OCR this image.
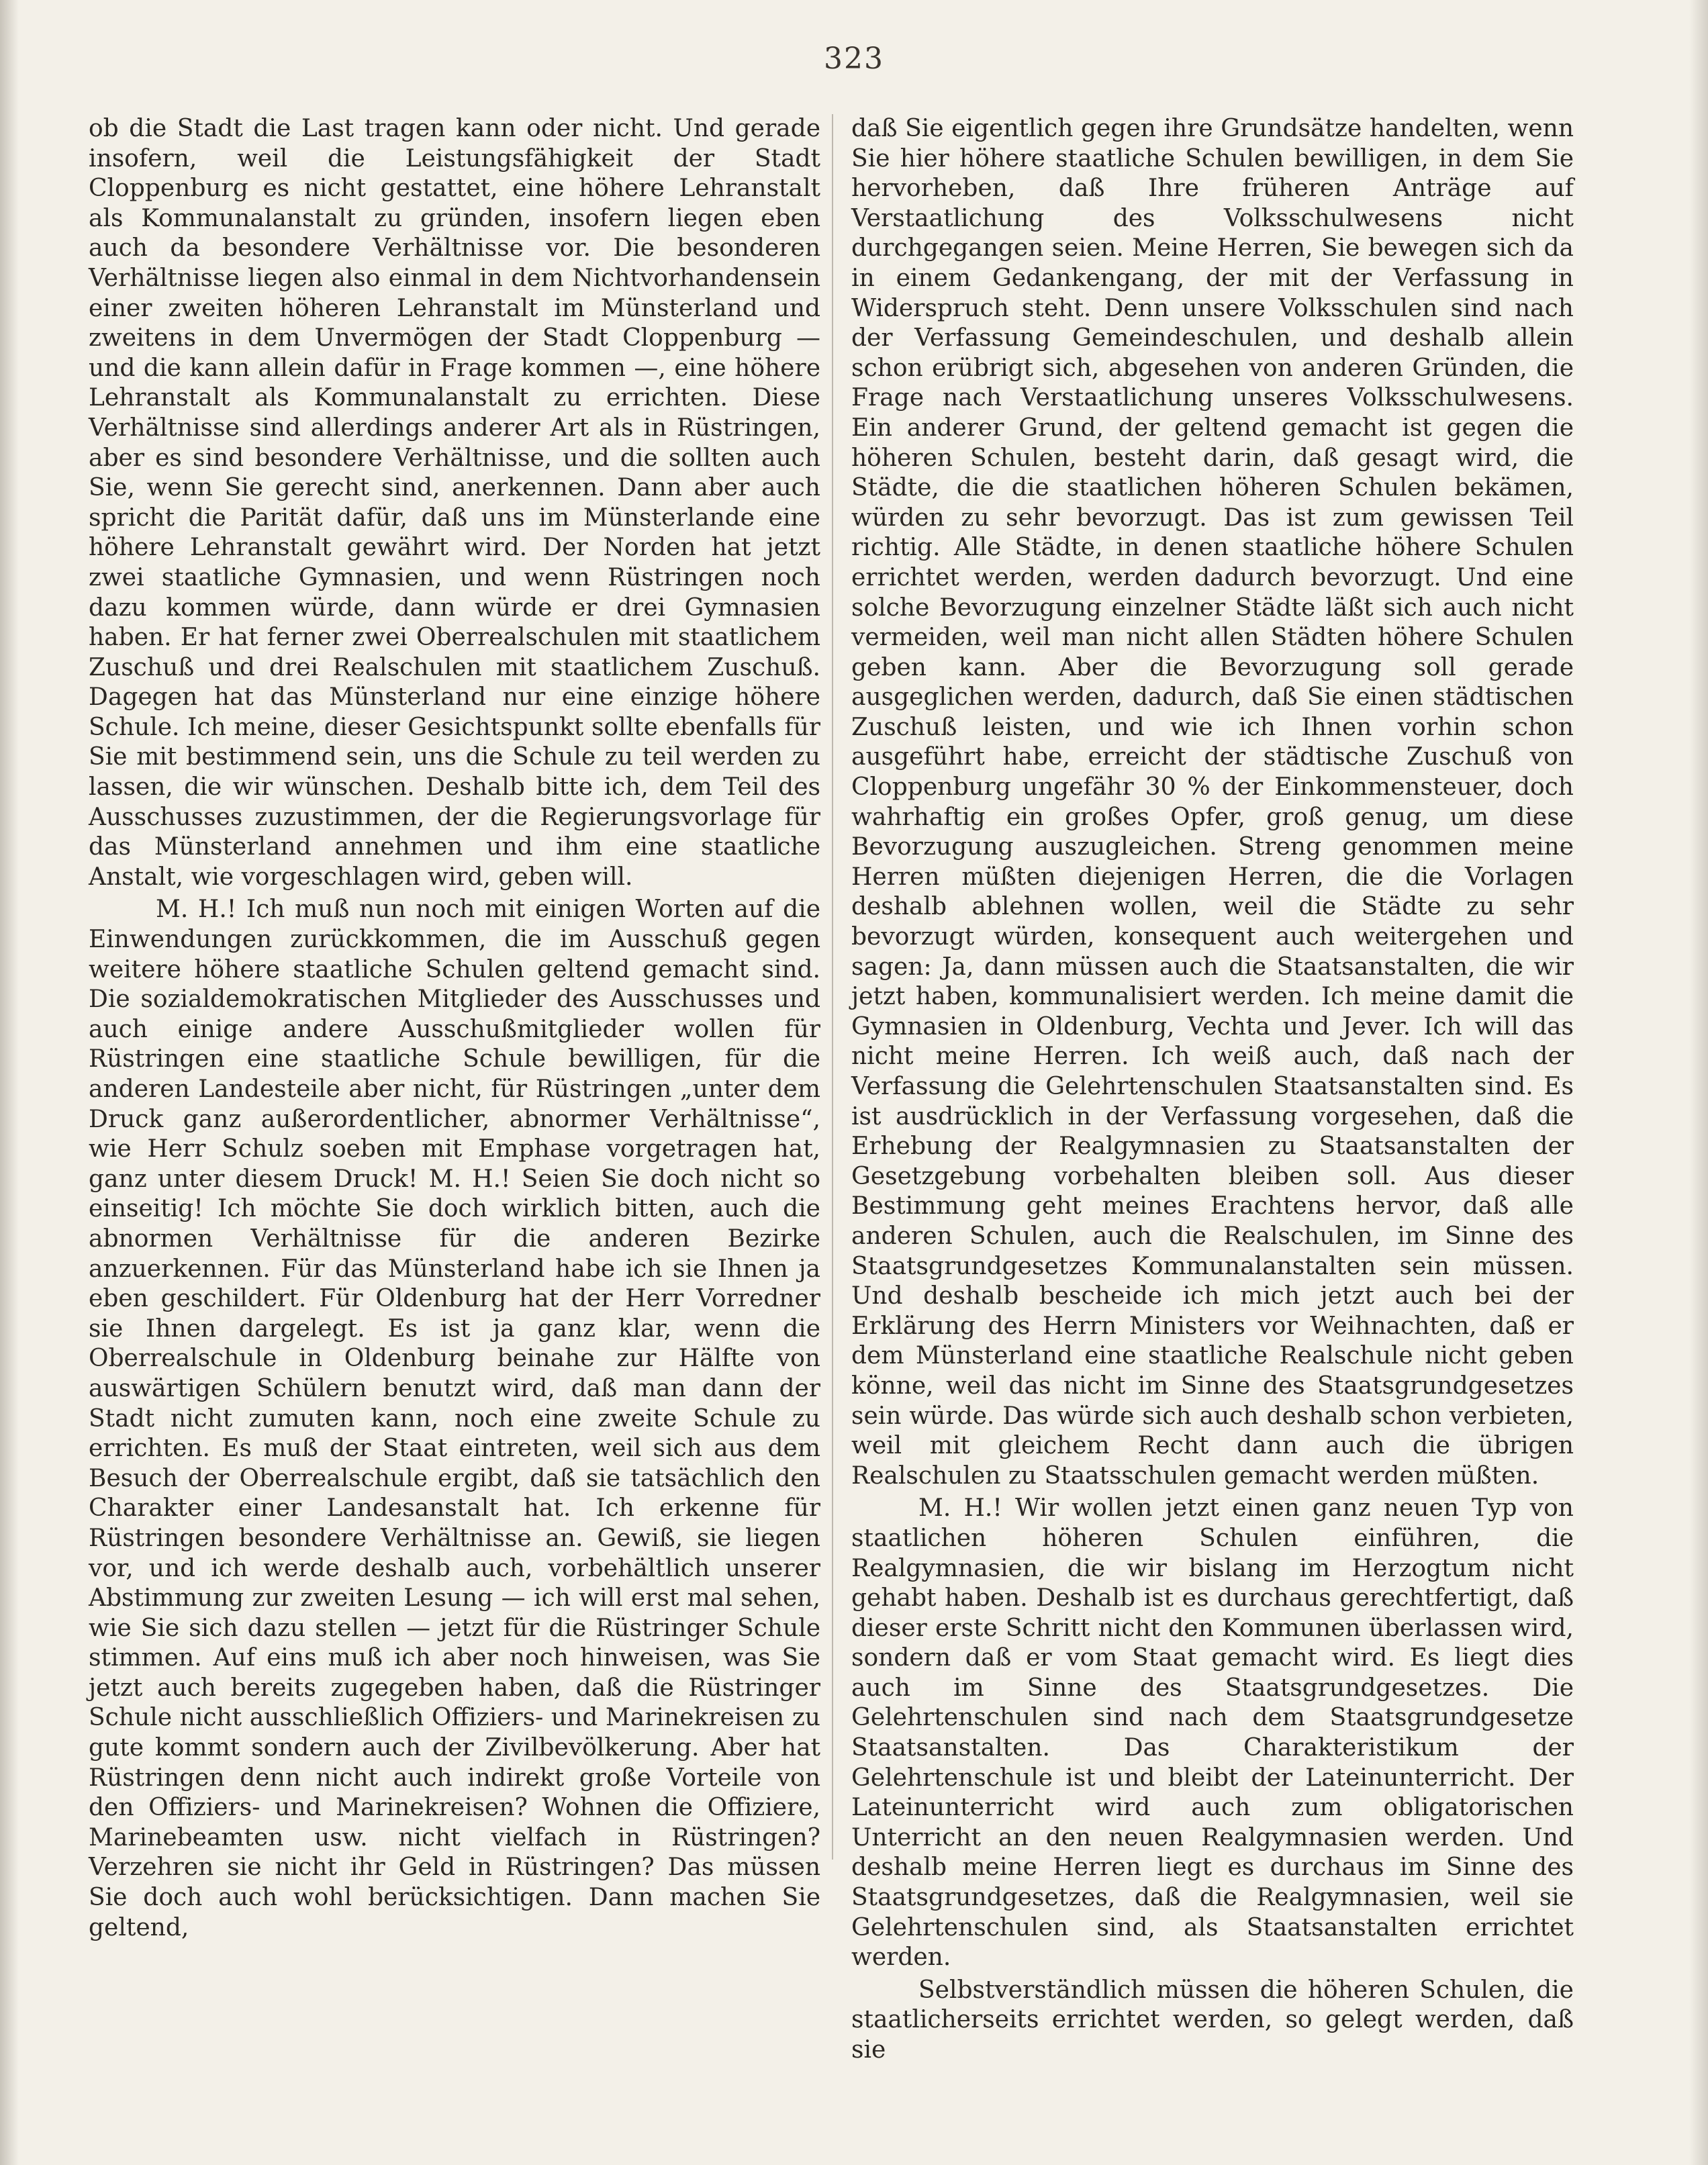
323

ob die Stadt die Last tragen kann oder nicht. Und gerade insofern, weil die Leistungsfähigkeit der Stadt Cloppenburg es nicht gestattet, eine höhere Lehranstalt als Kommunalanstalt zu gründen, insofern liegen eben auch da besondere Verhältnisse vor. Die besonderen Verhältnisse liegen also einmal in dem Nichtvorhandensein einer zweiten höheren Lehranstalt im Münsterland und zweitens in dem Unvermögen der Stadt Cloppenburg — und die kann allein dafür in Frage kommen —, eine höhere Lehranstalt als Kommunalanstalt zu errichten. Diese Verhältnisse sind allerdings anderer Art als in Rüstringen, aber es sind besondere Verhältnisse, und die sollten auch Sie, wenn Sie gerecht sind, anerkennen. Dann aber auch spricht die Parität dafür, daß uns im Münsterlande eine höhere Lehranstalt gewährt wird. Der Norden hat jetzt zwei staatliche Gymnasien, und wenn Rüstringen noch dazu kommen würde, dann würde er drei Gymnasien haben. Er hat ferner zwei Oberrealschulen mit staatlichem Zuschuß und drei Realschulen mit staatlichem Zuschuß. Dagegen hat das Münsterland nur eine einzige höhere Schule. Ich meine, dieser Gesichtspunkt sollte ebenfalls für Sie mit bestimmend sein, uns die Schule zu teil werden zu lassen, die wir wünschen. Deshalb bitte ich, dem Teil des Ausschusses zuzustimmen, der die Regierungsvorlage für das Münsterland annehmen und ihm eine staatliche Anstalt, wie vorgeschlagen wird, geben will.

M. H.! Ich muß nun noch mit einigen Worten auf die Einwendungen zurückkommen, die im Ausschuß gegen weitere höhere staatliche Schulen geltend gemacht sind. Die sozialdemokratischen Mitglieder des Ausschusses und auch einige andere Ausschußmitglieder wollen für Rüstringen eine staatliche Schule bewilligen, für die anderen Landesteile aber nicht, für Rüstringen „unter dem Druck ganz außerordentlicher, abnormer Verhältnisse“, wie Herr Schulz soeben mit Emphase vorgetragen hat, ganz unter diesem Druck! M. H.! Seien Sie doch nicht so einseitig! Ich möchte Sie doch wirklich bitten, auch die abnormen Verhältnisse für die anderen Bezirke anzuerkennen. Für das Münsterland habe ich sie Ihnen ja eben geschildert. Für Oldenburg hat der Herr Vorredner sie Ihnen dargelegt. Es ist ja ganz klar, wenn die Oberrealschule in Oldenburg beinahe zur Hälfte von auswärtigen Schülern benutzt wird, daß man dann der Stadt nicht zumuten kann, noch eine zweite Schule zu errichten. Es muß der Staat eintreten, weil sich aus dem Besuch der Oberrealschule ergibt, daß sie tatsächlich den Charakter einer Landesanstalt hat. Ich erkenne für Rüstringen besondere Verhältnisse an. Gewiß, sie liegen vor, und ich werde deshalb auch, vorbehältlich unserer Abstimmung zur zweiten Lesung — ich will erst mal sehen, wie Sie sich dazu stellen — jetzt für die Rüstringer Schule stimmen. Auf eins muß ich aber noch hinweisen, was Sie jetzt auch bereits zugegeben haben, daß die Rüstringer Schule nicht ausschließlich Offiziers- und Marinekreisen zu gute kommt sondern auch der Zivilbevölkerung. Aber hat Rüstringen denn nicht auch indirekt große Vorteile von den Offiziers- und Marinekreisen? Wohnen die Offiziere, Marinebeamten usw. nicht vielfach in Rüstringen? Verzehren sie nicht ihr Geld in Rüstringen? Das müssen Sie doch auch wohl berücksichtigen. Dann machen Sie geltend,

daß Sie eigentlich gegen ihre Grundsätze handelten, wenn Sie hier höhere staatliche Schulen bewilligen, in dem Sie hervorheben, daß Ihre früheren Anträge auf Verstaatlichung des Volksschulwesens nicht durchgegangen seien. Meine Herren, Sie bewegen sich da in einem Gedankengang, der mit der Verfassung in Widerspruch steht. Denn unsere Volksschulen sind nach der Verfassung Gemeindeschulen, und deshalb allein schon erübrigt sich, abgesehen von anderen Gründen, die Frage nach Verstaatlichung unseres Volksschulwesens. Ein anderer Grund, der geltend gemacht ist gegen die höheren Schulen, besteht darin, daß gesagt wird, die Städte, die die staatlichen höheren Schulen bekämen, würden zu sehr bevorzugt. Das ist zum gewissen Teil richtig. Alle Städte, in denen staatliche höhere Schulen errichtet werden, werden dadurch bevorzugt. Und eine solche Bevorzugung einzelner Städte läßt sich auch nicht vermeiden, weil man nicht allen Städten höhere Schulen geben kann. Aber die Bevorzugung soll gerade ausgeglichen werden, dadurch, daß Sie einen städtischen Zuschuß leisten, und wie ich Ihnen vorhin schon ausgeführt habe, erreicht der städtische Zuschuß von Cloppenburg ungefähr 30 % der Einkommensteuer, doch wahrhaftig ein großes Opfer, groß genug, um diese Bevorzugung auszugleichen. Streng genommen meine Herren müßten diejenigen Herren, die die Vorlagen deshalb ablehnen wollen, weil die Städte zu sehr bevorzugt würden, konsequent auch weitergehen und sagen: Ja, dann müssen auch die Staatsanstalten, die wir jetzt haben, kommunalisiert werden. Ich meine damit die Gymnasien in Oldenburg, Vechta und Jever. Ich will das nicht meine Herren. Ich weiß auch, daß nach der Verfassung die Gelehrtenschulen Staatsanstalten sind. Es ist ausdrücklich in der Verfassung vorgesehen, daß die Erhebung der Realgymnasien zu Staatsanstalten der Gesetzgebung vorbehalten bleiben soll. Aus dieser Bestimmung geht meines Erachtens hervor, daß alle anderen Schulen, auch die Realschulen, im Sinne des Staatsgrundgesetzes Kommunalanstalten sein müssen. Und deshalb bescheide ich mich jetzt auch bei der Erklärung des Herrn Ministers vor Weihnachten, daß er dem Münsterland eine staatliche Realschule nicht geben könne, weil das nicht im Sinne des Staatsgrundgesetzes sein würde. Das würde sich auch deshalb schon verbieten, weil mit gleichem Recht dann auch die übrigen Realschulen zu Staatsschulen gemacht werden müßten.

M. H.! Wir wollen jetzt einen ganz neuen Typ von staatlichen höheren Schulen einführen, die Realgymnasien, die wir bislang im Herzogtum nicht gehabt haben. Deshalb ist es durchaus gerechtfertigt, daß dieser erste Schritt nicht den Kommunen überlassen wird, sondern daß er vom Staat gemacht wird. Es liegt dies auch im Sinne des Staatsgrundgesetzes. Die Gelehrtenschulen sind nach dem Staatsgrundgesetze Staatsanstalten. Das Charakteristikum der Gelehrtenschule ist und bleibt der Lateinunterricht. Der Lateinunterricht wird auch zum obligatorischen Unterricht an den neuen Realgymnasien werden. Und deshalb meine Herren liegt es durchaus im Sinne des Staatsgrundgesetzes, daß die Realgymnasien, weil sie Gelehrtenschulen sind, als Staatsanstalten errichtet werden.

Selbstverständlich müssen die höheren Schulen, die staatlicherseits errichtet werden, so gelegt werden, daß sie
